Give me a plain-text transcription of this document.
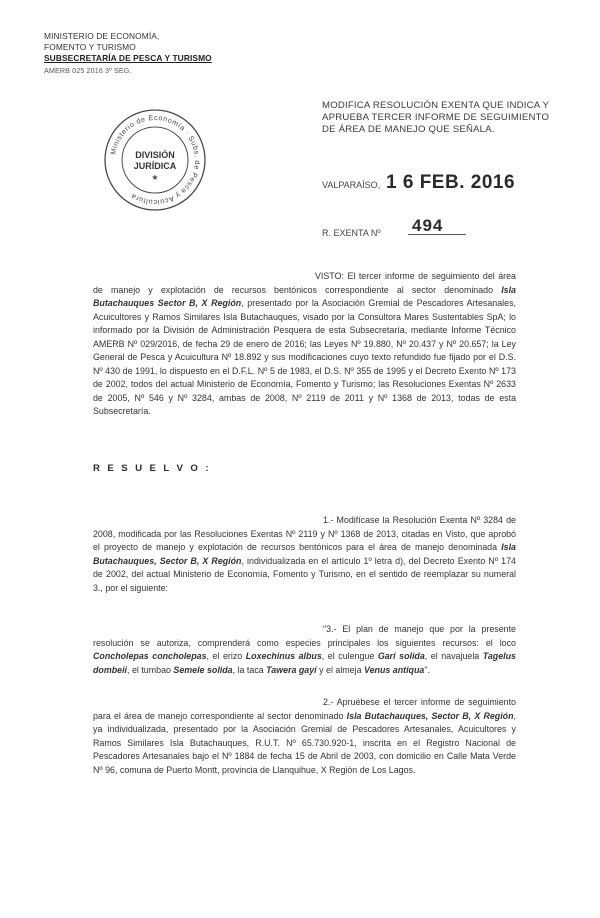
MINISTERIO DE ECONOMÍA,
FOMENTO Y TURISMO
SUBSECRETARÍA DE PESCA Y TURISMO
AMERB 025 2016 3º SEG.
Ministerio de Economía · Subs. de Pesca y Acuicultura
DIVISIÓN
JURÍDICA
★
MODIFICA RESOLUCIÓN EXENTA QUE INDICA Y APRUEBA TERCER INFORME DE SEGUIMIENTO DE ÁREA DE MANEJO QUE SEÑALA.
VALPARAÍSO, 1 6 FEB. 2016
R. EXENTA Nº 494

VISTO: El tercer informe de seguimiento del área de manejo y explotación de recursos bentónicos correspondiente al sector denominado Isla Butachauques Sector B, X Región, presentado por la Asociación Gremial de Pescadores Artesanales, Acuicultores y Ramos Similares Isla Butachauques, visado por la Consultora Mares Sustentables SpA; lo informado por la División de Administración Pesquera de esta Subsecretaría, mediante Informe Técnico AMERB Nº 029/2016, de fecha 29 de enero de 2016; las Leyes Nº 19.880, Nº 20.437 y Nº 20.657; la Ley General de Pesca y Acuicultura Nº 18.892 y sus modificaciones cuyo texto refundido fue fijado por el D.S. Nº 430 de 1991, lo dispuesto en el D.F.L. Nº 5 de 1983, el D.S. Nº 355 de 1995 y el Decreto Exento Nº 173 de 2002, todos del actual Ministerio de Economía, Fomento y Turismo; las Resoluciones Exentas Nº 2633 de 2005, Nº 546 y Nº 3284, ambas de 2008, Nº 2119 de 2011 y Nº 1368 de 2013, todas de esta Subsecretaría.

R E S U E L V O :

1.- Modifícase la Resolución Exenta Nº 3284 de 2008, modificada por las Resoluciones Exentas Nº 2119 y Nº 1368 de 2013, citadas en Visto, que aprobó el proyecto de manejo y explotación de recursos bentónicos para el área de manejo denominada Isla Butachauques, Sector B, X Región, individualizada en el artículo 1º letra d), del Decreto Exento Nº 174 de 2002, del actual Ministerio de Economía, Fomento y Turismo, en el sentido de reemplazar su numeral 3., por el siguiente:

"3.- El plan de manejo que por la presente resolución se autoriza, comprenderá como especies principales los siguientes recursos: el loco Concholepas concholepas, el erizo Loxechinus albus, el culengue Gari solida, el navajuela Tagelus dombeii, el tumbao Semele solida, la taca Tawera gayi y el almeja Venus antiqua".

2.- Apruébese el tercer informe de seguimiento para el área de manejo correspondiente al sector denominado Isla Butachauques, Sector B, X Región, ya individualizada, presentado por la Asociación Gremial de Pescadores Artesanales, Acuicultores y Ramos Similares Isla Butachauques, R.U.T. Nº 65.730.920-1, inscrita en el Registro Nacional de Pescadores Artesanales bajo el Nº 1884 de fecha 15 de Abril de 2003, con domicilio en Calle Mata Verde Nº 96, comuna de Puerto Montt, provincia de Llanquihue, X Región de Los Lagos.
